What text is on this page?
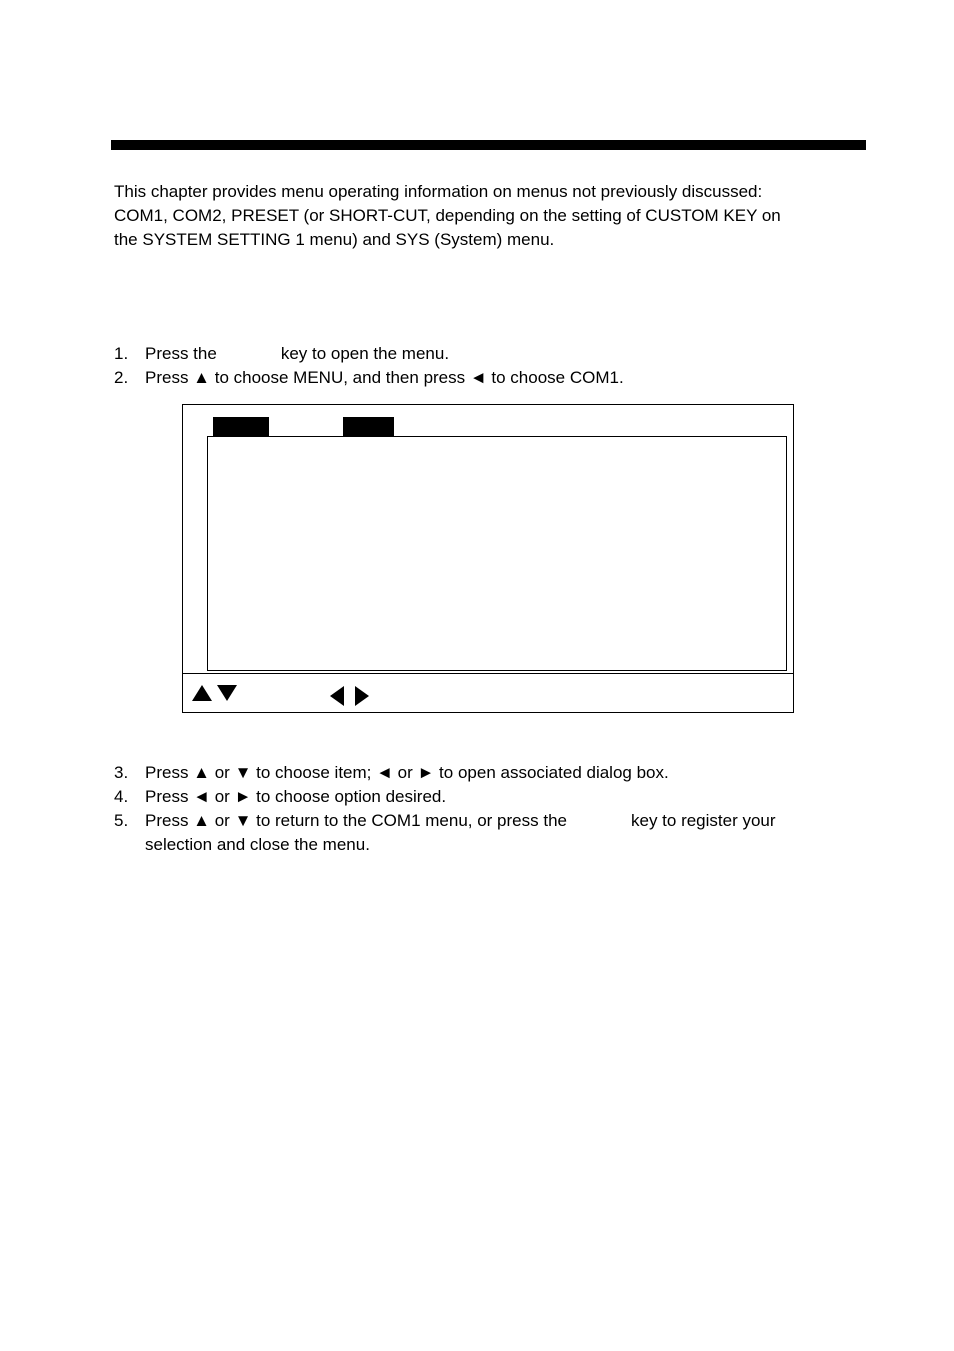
This chapter provides menu operating information on menus not previously discussed:

COM1, COM2, PRESET (or SHORT-CUT, depending on the setting of CUSTOM KEY on

the SYSTEM SETTING 1 menu) and SYS (System) menu.

1. Press the	key to open the menu.
2. Press ▲ to choose MENU, and then press ◄ to choose COM1.
3. Press ▲ or ▼ to choose item; ◄ or ► to open associated dialog box.
4. Press ◄ or ► to choose option desired.
5. Press ▲ or ▼ to return to the COM1 menu, or press the	key to register your
selection and close the menu.
